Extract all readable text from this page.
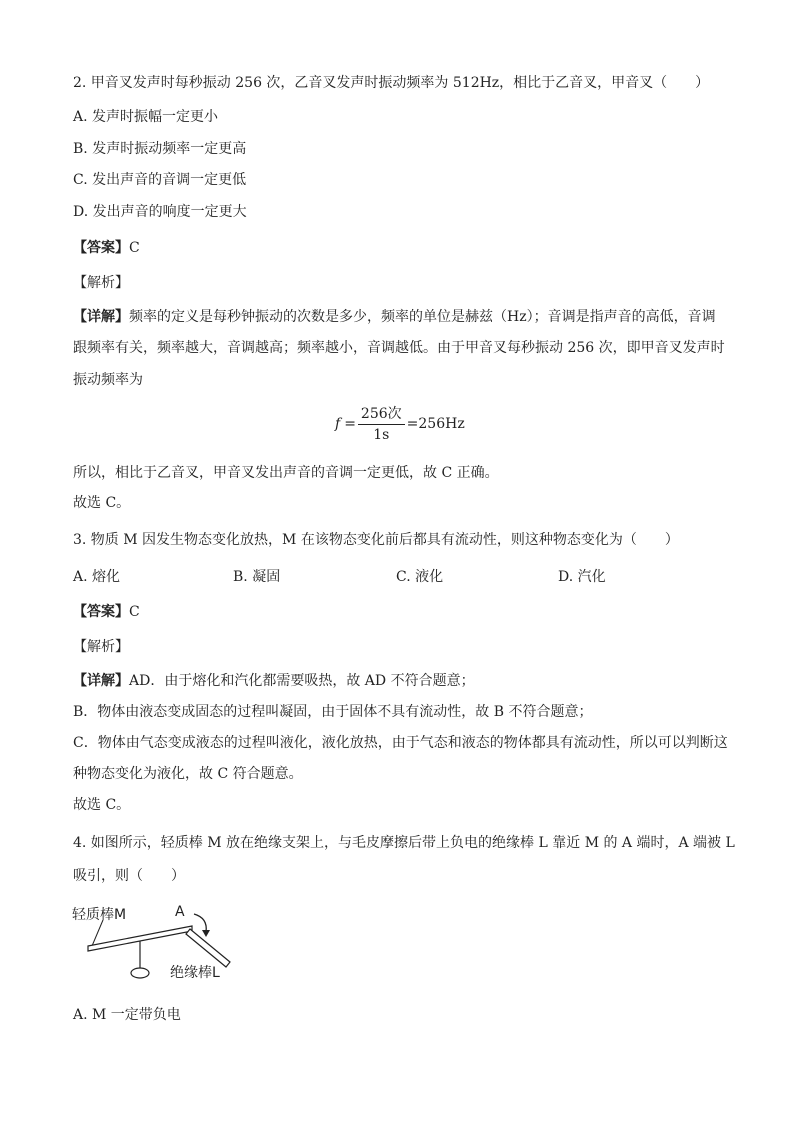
2. 甲音叉发声时每秒振动 256 次，乙音叉发声时振动频率为 512Hz，相比于乙音叉，甲音叉（　　）
A. 发声时振幅一定更小
B. 发声时振动频率一定更高
C. 发出声音的音调一定更低
D. 发出声音的响度一定更大
【答案】C
【解析】
【详解】频率的定义是每秒钟振动的次数是多少，频率的单位是赫兹（Hz）；音调是指声音的高低，音调
跟频率有关，频率越大，音调越高；频率越小，音调越低。由于甲音叉每秒振动 256 次，即甲音叉发声时
振动频率为
$f = \frac{\text{256次}}{1s} =256Hz$
所以，相比于乙音叉，甲音叉发出声音的音调一定更低，故 C 正确。
故选 C。
3. 物质 M 因发生物态变化放热，M 在该物态变化前后都具有流动性，则这种物态变化为（　　）
A. 熔化	B. 凝固	C. 液化	D. 汽化
【答案】C
【解析】
【详解】AD．由于熔化和汽化都需要吸热，故 AD 不符合题意；
B．物体由液态变成固态的过程叫凝固，由于固体不具有流动性，故 B 不符合题意；
C．物体由气态变成液态的过程叫液化，液化放热，由于气态和液态的物体都具有流动性，所以可以判断这
种物态变化为液化，故 C 符合题意。
故选 C。
4. 如图所示，轻质棒 M 放在绝缘支架上，与毛皮摩擦后带上负电的绝缘棒 L 靠近 M 的 A 端时，A 端被 L
吸引，则（　　）
轻质棒M	A
绝缘棒L
A. M 一定带负电
